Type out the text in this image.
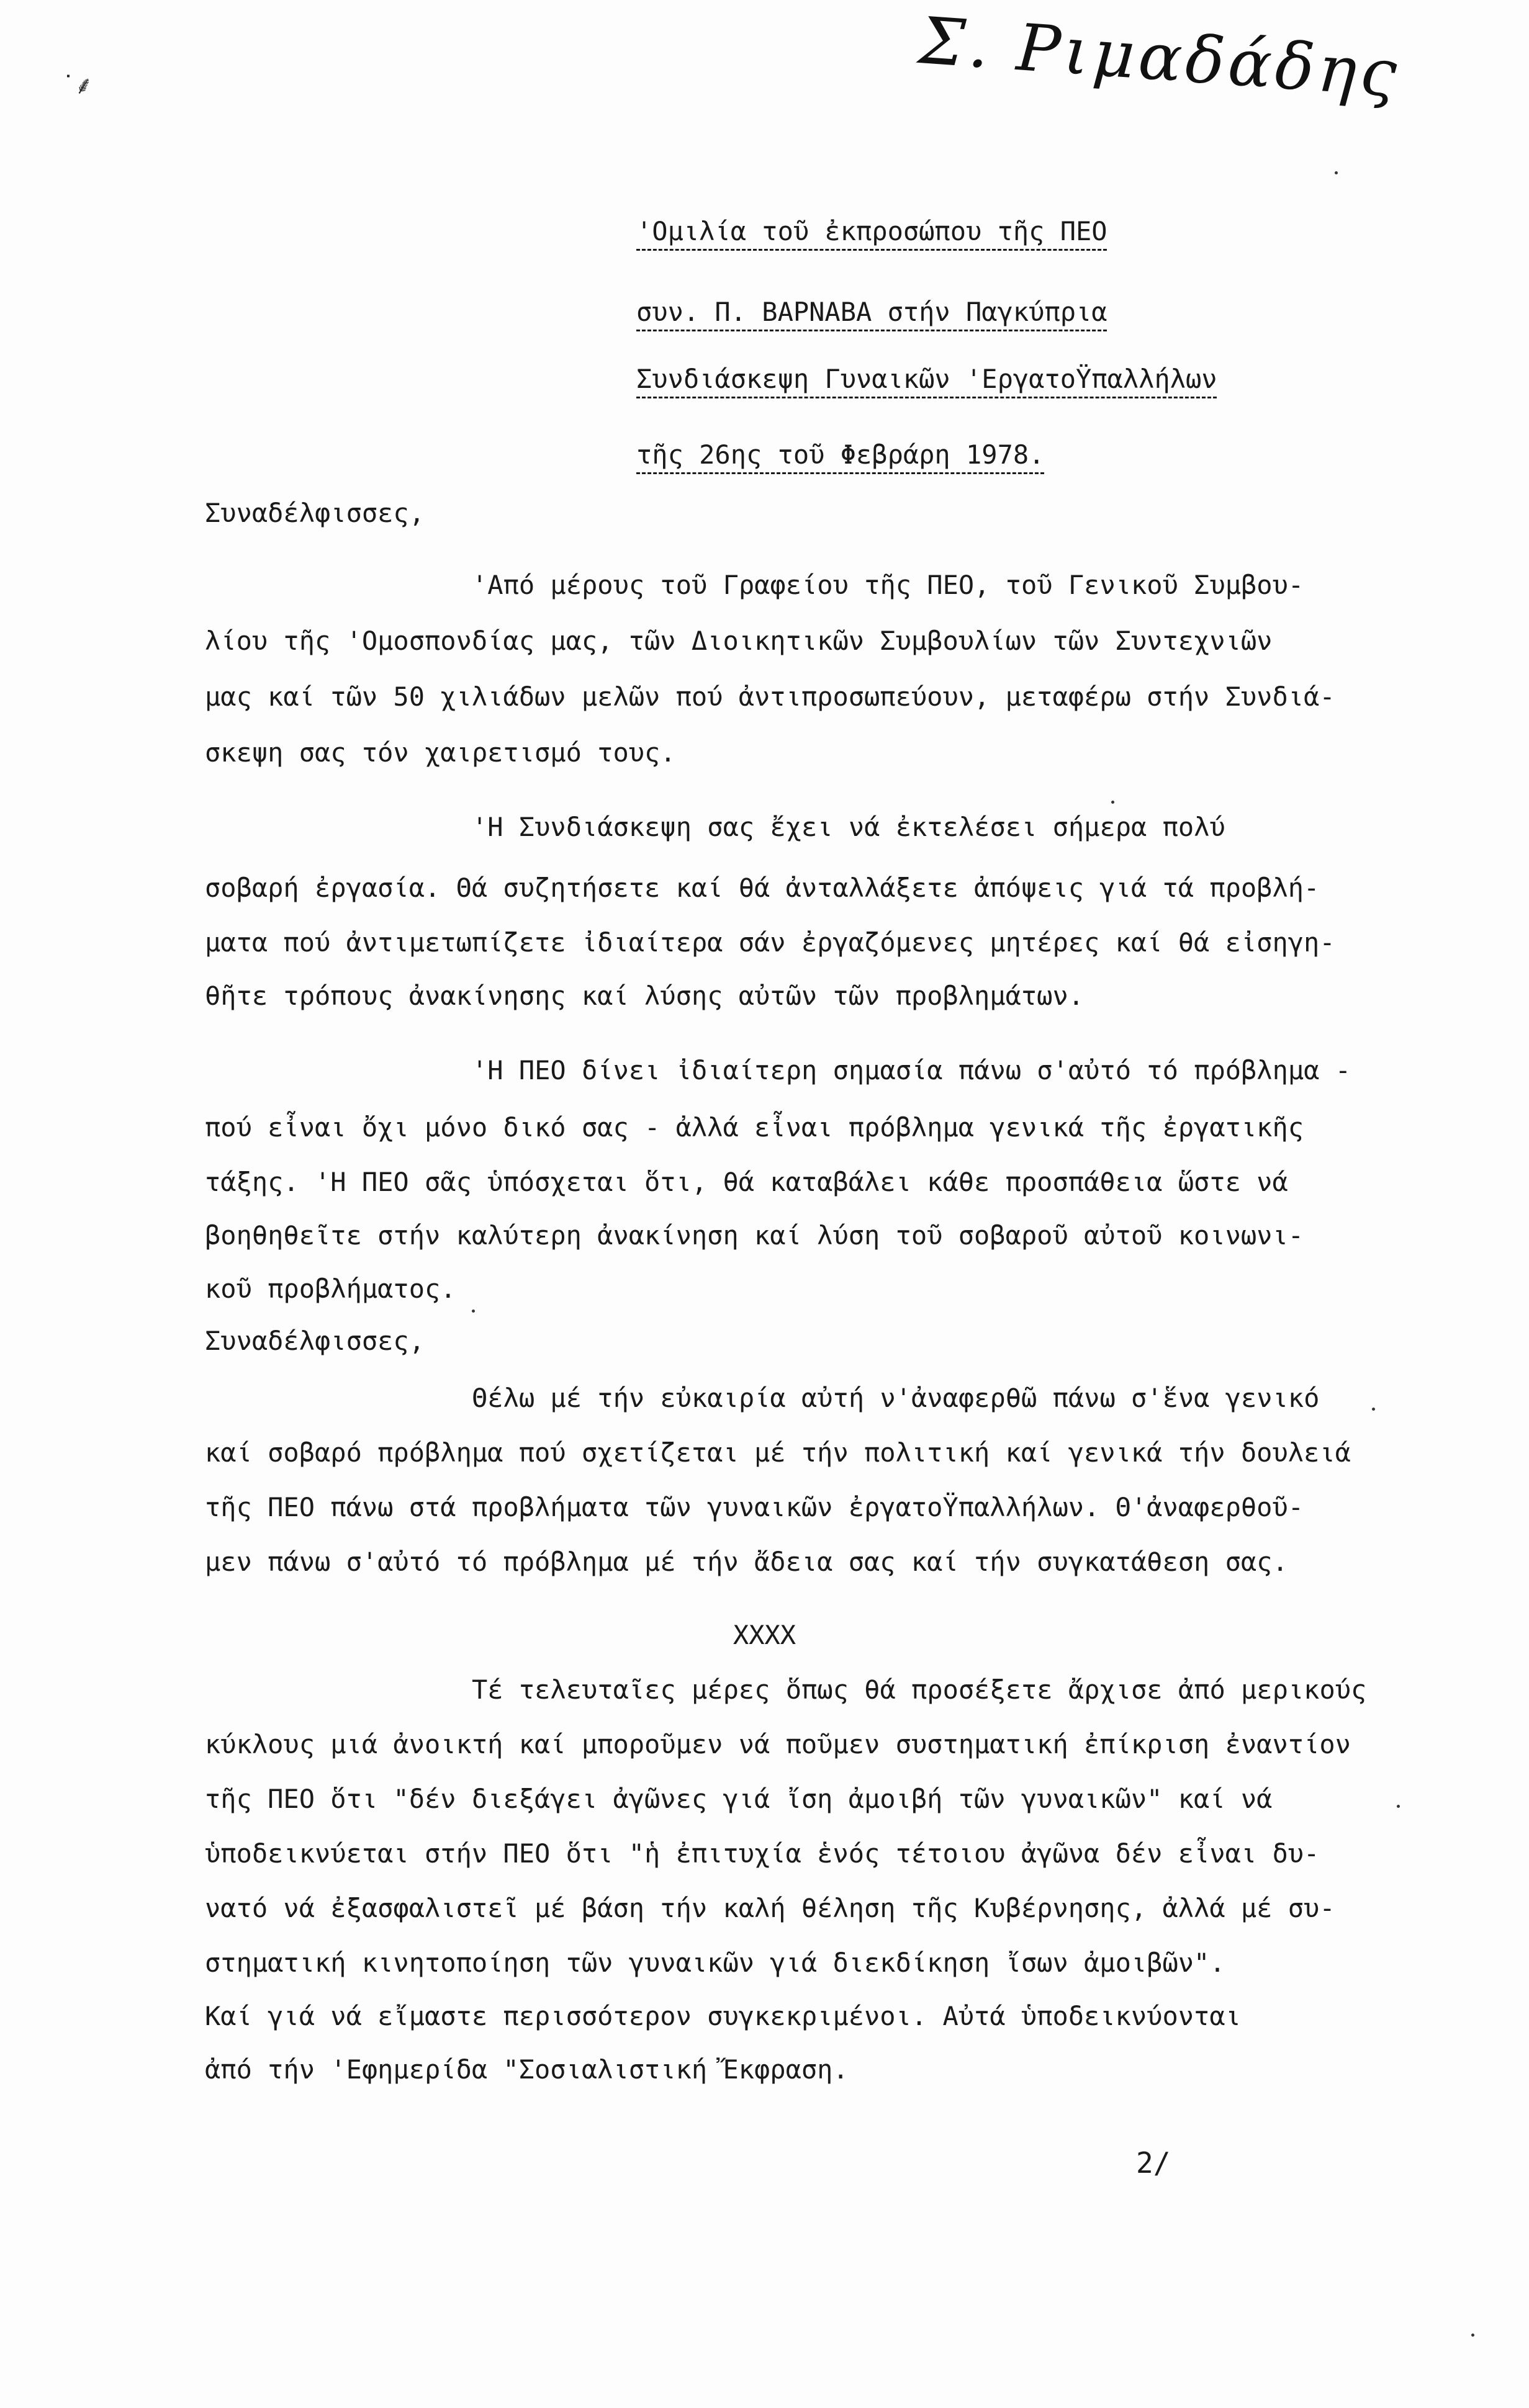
Σ. Ριμαδάδης
˙⸙
'Ομιλία τοῦ ἐκπροσώπου τῆς ΠΕΟ
συν. Π. ΒΑΡΝΑΒΑ στήν Παγκύπρια
Συνδιάσκεψη Γυναικῶν 'ΕργατοΫπαλλήλων
τῆς 26ης τοῦ Φεβράρη 1978.
Συναδέλφισσες,
'Από μέρους τοῦ Γραφείου τῆς ΠΕΟ, τοῦ Γενικοῦ Συμβου-
λίου τῆς 'Ομοσπονδίας μας, τῶν Διοικητικῶν Συμβουλίων τῶν Συντεχνιῶν
μας καί τῶν 50 χιλιάδων μελῶν πού ἀντιπροσωπεύουν, μεταφέρω στήν Συνδιά-
σκεψη σας τόν χαιρετισμό τους.
'Η Συνδιάσκεψη σας ἔχει νά ἐκτελέσει σήμερα πολύ
σοβαρή ἐργασία. Θά συζητήσετε καί θά ἀνταλλάξετε ἀπόψεις γιά τά προβλή-
ματα πού ἀντιμετωπίζετε ἰδιαίτερα σάν ἐργαζόμενες μητέρες καί θά εἰσηγη-
θῆτε τρόπους ἀνακίνησης καί λύσης αὐτῶν τῶν προβλημάτων.
'Η ΠΕΟ δίνει ἰδιαίτερη σημασία πάνω σ'αὐτό τό πρόβλημα -
πού εἶναι ὄχι μόνο δικό σας - ἀλλά εἶναι πρόβλημα γενικά τῆς ἐργατικῆς
τάξης. 'Η ΠΕΟ σᾶς ὑπόσχεται ὅτι, θά καταβάλει κάθε προσπάθεια ὥστε νά
βοηθηθεῖτε στήν καλύτερη ἀνακίνηση καί λύση τοῦ σοβαροῦ αὐτοῦ κοινωνι-
κοῦ προβλήματος.
Συναδέλφισσες,
Θέλω μέ τήν εὐκαιρία αὐτή ν'ἀναφερθῶ πάνω σ'ἕνα γενικό
καί σοβαρό πρόβλημα πού σχετίζεται μέ τήν πολιτική καί γενικά τήν δουλειά
τῆς ΠΕΟ πάνω στά προβλήματα τῶν γυναικῶν ἐργατοΫπαλλήλων. Θ'ἀναφερθοῦ-
μεν πάνω σ'αὐτό τό πρόβλημα μέ τήν ἄδεια σας καί τήν συγκατάθεση σας.
XXXX
Τέ τελευταῖες μέρες ὅπως θά προσέξετε ἄρχισε ἀπό μερικούς
κύκλους μιά ἀνοικτή καί μποροῦμεν νά ποῦμεν συστηματική ἐπίκριση ἐναντίον
τῆς ΠΕΟ ὅτι "δέν διεξάγει ἀγῶνες γιά ἴση ἀμοιβή τῶν γυναικῶν" καί νά
ὑποδεικνύεται στήν ΠΕΟ ὅτι "ἡ ἐπιτυχία ἑνός τέτοιου ἀγῶνα δέν εἶναι δυ-
νατό νά ἐξασφαλιστεῖ μέ βάση τήν καλή θέληση τῆς Κυβέρνησης, ἀλλά μέ συ-
στηματική κινητοποίηση τῶν γυναικῶν γιά διεκδίκηση ἴσων ἀμοιβῶν".
Καί γιά νά εἴμαστε περισσότερον συγκεκριμένοι. Αὐτά ὑποδεικνύονται
ἀπό τήν 'Εφημερίδα "Σοσιαλιστική Ἔκφραση.
2/
